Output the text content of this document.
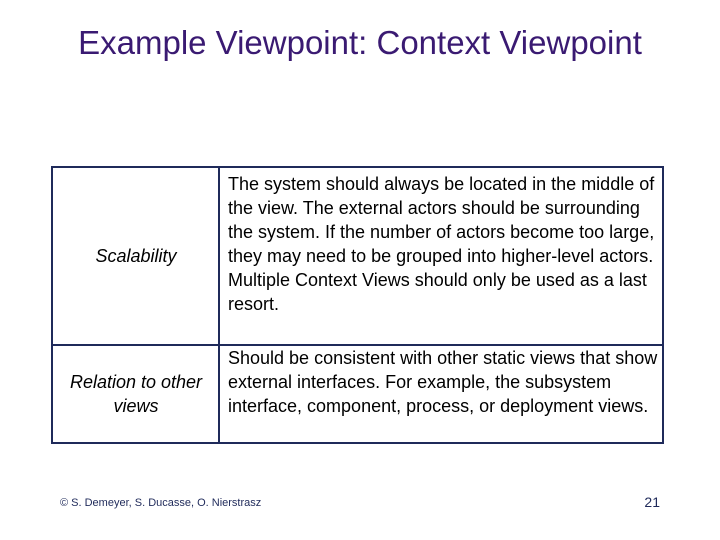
Example Viewpoint: Context Viewpoint
Scalability
The system should always be located in the middle of the view. The external actors should be surrounding the system. If the number of actors become too large, they may need to be grouped into higher-level actors. Multiple Context Views should only be used as a last resort.
Relation to other views
Should be consistent with other static views that show external interfaces. For example, the subsystem interface, component, process, or deployment views.
© S. Demeyer, S. Ducasse, O. Nierstrasz	21
